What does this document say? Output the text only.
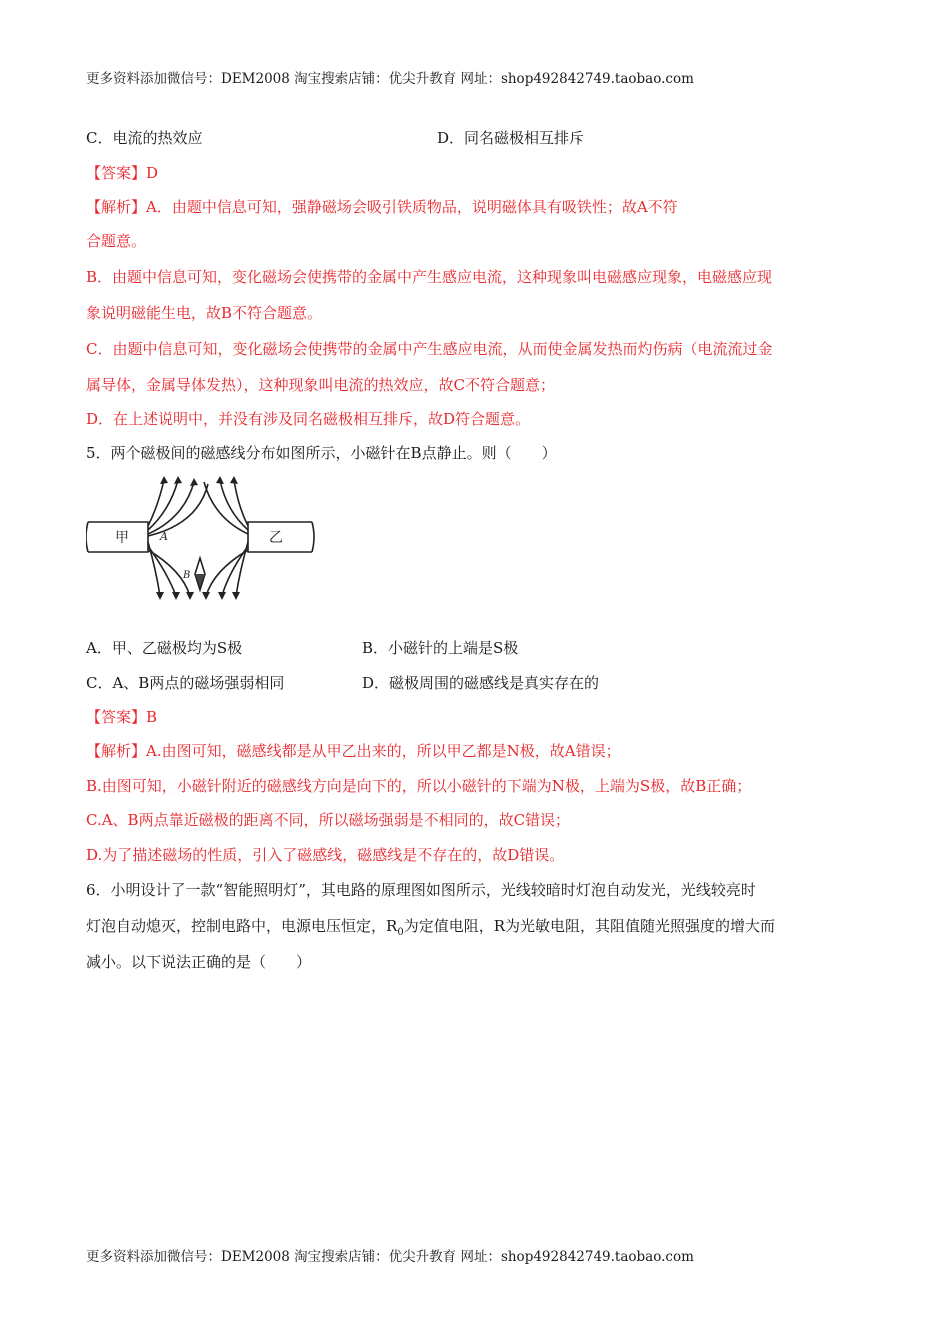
更多资料添加微信号：DEM2008 淘宝搜索店铺：优尖升教育 网址：shop492842749.taobao.com
C．电流的热效应	D．同名磁极相互排斥
【答案】D
【解析】A．由题中信息可知，强静磁场会吸引铁质物品，说明磁体具有吸铁性；故A不符
合题意。
B．由题中信息可知，变化磁场会使携带的金属中产生感应电流，这种现象叫电磁感应现象，电磁感应现
象说明磁能生电，故B不符合题意。
C．由题中信息可知，变化磁场会使携带的金属中产生感应电流，从而使金属发热而灼伤病（电流流过金
属导体，金属导体发热），这种现象叫电流的热效应，故C不符合题意；
D．在上述说明中，并没有涉及同名磁极相互排斥，故D符合题意。
5．两个磁极间的磁感线分布如图所示，小磁针在B点静止。则（　　）
甲	乙
A
B
A．甲、乙磁极均为S极	B．小磁针的上端是S极
C．A、B两点的磁场强弱相同	D．磁极周围的磁感线是真实存在的
【答案】B
【解析】A.由图可知，磁感线都是从甲乙出来的，所以甲乙都是N极，故A错误；
B.由图可知，小磁针附近的磁感线方向是向下的，所以小磁针的下端为N极，上端为S极，故B正确；
C.A、B两点靠近磁极的距离不同，所以磁场强弱是不相同的，故C错误；
D.为了描述磁场的性质，引入了磁感线，磁感线是不存在的，故D错误。
6．小明设计了一款“智能照明灯”，其电路的原理图如图所示，光线较暗时灯泡自动发光，光线较亮时
灯泡自动熄灭，控制电路中，电源电压恒定，$R_0$为定值电阻，R为光敏电阻，其阻值随光照强度的增大而
减小。以下说法正确的是（　　）
更多资料添加微信号：DEM2008 淘宝搜索店铺：优尖升教育 网址：shop492842749.taobao.com
